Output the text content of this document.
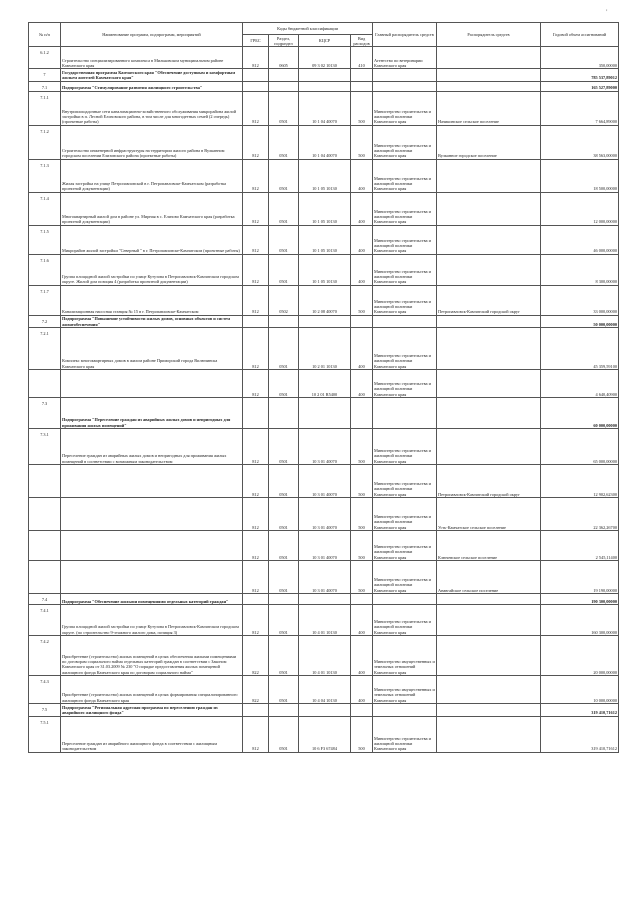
,
№ п/п	Наименование программ, подпрограмм, мероприятий	Коды бюджетной классификации				Главный распорядитель средств	Распорядитель средств	Годовой объем ассигнований
		ГРБС	Раздел, подраздел	КЦСР	Вид расходов			
6.1.2	Строительство специализированного комплекса в Мильковском муниципальном районе Камчатского края	812	0605	09 3 02 10130	410	Агентство по ветеринарии Камчатского края		350,00000
7	Государственная программа Камчатского края "Обеспечение доступным и комфортным жильем жителей Камчатского края"							785 537,89012
7.1	Подпрограмма "Стимулирование развития жилищного строительства"							165 527,89000
7.1.1	Внутриплощадочные сети канализационно-хозяйственного обслуживания микрорайона жилой застройки в п. Лесной Елизовского района, в том числе для многодетных семей (2 очередь) (проектные работы)	812	0501	10 1 04 40070	500	Министерство строительства и жилищной политики Камчатского края	Начикинское сельское поселение	7 664,89000
7.1.2	Строительство инженерной инфраструктуры на территории жилого района в Вулканном городском поселении Елизовского района (проектные работы)	812	0501	10 1 04 40070	500	Министерство строительства и жилищной политики Камчатского края	Вулканное городское поселение	38 563,00000
7.1.3	Жилая застройка на улице Петропавловской в г. Петропавловске-Камчатском (разработка проектной документации)	812	0501	10 1 05 10130	400	Министерство строительства и жилищной политики Камчатского края		18 500,00000
7.1.4	Многоквартирный жилой дом в районе ул. Мирная в с. Елизово Камчатского края (разработка проектной документации)	812	0501	10 1 05 10130	400	Министерство строительства и жилищной политики Камчатского края		12 000,00000
7.1.5	Микрорайон жилой застройки "Северный " в г. Петропавловске-Камчатском (проектные работы)	812	0501	10 1 05 10130	400	Министерство строительства и жилищной политики Камчатского края		46 000,00000
7.1.6	Группа площадной жилой застройки по улице Кутузова в Петропавловск-Камчатском городском округе. Жилой дом позиция 4 (разработка проектной документации)	812	0501	10 1 05 10130	400	Министерство строительства и жилищной политики Камчатского края		8 300,00000
7.1.7	Канализационная насосная станция № 15 в г. Петропавловске-Камчатском	812	0502	10 2 08 40070	500	Министерство строительства и жилищной политики Камчатского края	Петропавловск-Камчатский городской округ	33 000,00000
7.2	Подпрограмма "Повышение устойчивости жилых домов, основных объектов и систем жизнеобеспечения"							50 000,00000
7.2.1	Комплекс многоквартирных домов в жилом районе Приморский города Вилючинска Камчатского края	812	0501	10 2 01 10130	400	Министерство строительства и жилищной политики Камчатского края		45 359,59100
		812	0501	10 2 01 R5400	400	Министерство строительства и жилищной политики Камчатского края		4 640,40900
7.3	Подпрограмма "Переселение граждан из аварийных жилых домов и непригодных для проживания жилых помещений"							60 000,00000
7.3.1	Переселение граждан из аварийных жилых домов и непригодных для проживания жилых помещений в соответствии с возможным законодательством	812	0501	10 3 01 40070	500	Министерство строительства и жилищной политики Камчатского края		65 000,00000
		812	0501	10 3 01 40070	500	Министерство строительства и жилищной политики Камчатского края	Петропавловск-Камчатский городской округ	12 902,62300
		812	0501	10 3 01 40070	500	Министерство строительства и жилищной политики Камчатского края	Усть-Камчатское сельское поселение	22 362,26700
		812	0501	10 3 01 40070	500	Министерство строительства и жилищной политики Камчатского края	Ключевское сельское поселение	2 545,11400
		812	0501	10 3 01 40070	500	Министерство строительства и жилищной политики Камчатского края	Анавгайское сельское поселение	19 190,00000
7.4	Подпрограмма "Обеспечение жилыми помещениями отдельных категорий граждан"							190 300,00000
7.4.1	Группа площадной жилой застройки по улице Кутузова в Петропавловск-Камчатском городском округе. (по строительство 9-этажного жилого дома, позиция 3)	812	0501	10 4 01 10130	400	Министерство строительства и жилищной политики Камчатского края		160 300,00000
7.4.2	Приобретение (строительство) жилых помещений в целях обеспечения жилыми помещениями по договорам социального найма отдельных категорий граждан в соответствии с Законом Камчатского края от 31.03.2009 № 230 "О порядке предоставления жилых помещений жилищного фонда Камчатского края по договорам социального найма"	822	0501	10 4 01 10130	400	Министерство имущественных и земельных отношений Камчатского края		20 000,00000
7.4.3	Приобретение (строительство) жилых помещений в целях формирования специализированного жилищного фонда Камчатского края	822	0501	10 4 04 10130	400	Министерство имущественных и земельных отношений Камчатского края		10 000,00000
7.5	Подпрограмма "Региональная адресная программа по переселению граждан из аварийного жилищного фонда"							319 410,71612
7.5.1	Переселение граждан из аварийного жилищного фонда в соответствии с жилищным законодательством	812	0501	10 6 F3 67484	500	Министерство строительства и жилищной политики Камчатского края		319 410,71612
